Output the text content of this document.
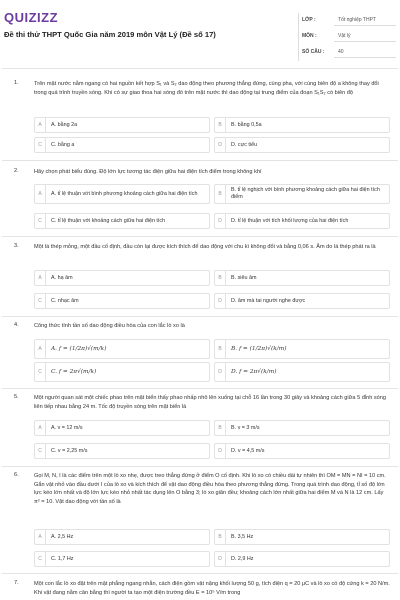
QUIZIZZ
Đề thi thử THPT Quốc Gia năm 2019 môn Vật Lý (Đề số 17)
LỚP :	Tốt nghiệp THPT
MÔN :	Vật lý
SỐ CÂU :	40
1.	Trên mặt nước nằm ngang có hai nguồn kết hợp S₁ và S₂ dao động theo phương thẳng đứng, cùng pha, với cùng biên độ a không thay đổi trong quá trình truyền sóng. Khi có sự giao thoa hai sóng đó trên mặt nước thì dao động tại trung điểm của đoạn S₁S₂ có biên độ
A	A. bằng 2a	B	B. bằng 0,5a
C	C. bằng a	D	D. cực tiểu
2.	Hãy chọn phát biểu đúng. Độ lớn lực tương tác điện giữa hai điện tích điểm trong không khí
A	A. tỉ lệ thuận với bình phương khoảng cách giữa hai điện tích	B
B. tỉ lệ nghịch với bình phương khoảng cách giữa hai điện tích điểm
C	C. tỉ lệ thuận với khoảng cách giữa hai điện tích	D	D. tỉ lệ thuận với tích khối lượng của hai điện tích
3.	Một lá thép mỏng, một đầu cố định, đầu còn lại được kích thích để dao động với chu kì không đổi và bằng 0,06 s. Âm do lá thép phát ra là
A	A. hạ âm	B	B. siêu âm
C	C. nhạc âm	D	D. âm mà tai người nghe được
4.	Công thức tính tần số dao động điều hòa của con lắc lò xo là
A	A. f = (1/2π)√(m/k)	B	B. f = (1/2π)√(k/m)
C	C. f = 2π√(m/k)	D	D. f = 2π√(k/m)
5.	Một người quan sát một chiếc phao trên mặt biển thấy phao nhấp nhô lên xuống tại chỗ 16 lần trong 30 giây và khoảng cách giữa 5 đỉnh sóng liên tiếp nhau bằng 24 m. Tốc độ truyền sóng trên mặt biển là
A	A. v = 12 m/s	B	B. v = 3 m/s
C	C. v = 2,25 m/s	D	D. v = 4,5 m/s
6.	Gọi M, N, I là các điểm trên một lò xo nhẹ, được treo thẳng đứng ở điểm O cố định. Khi lò xo có chiều dài tự nhiên thì OM = MN = NI = 10 cm. Gắn vật nhỏ vào đầu dưới I của lò xo và kích thích để vật dao động điều hòa theo phương thẳng đứng. Trong quá trình dao động, tỉ số độ lớn lực kéo lớn nhất và độ lớn lực kéo nhỏ nhất tác dụng lên O bằng 3; lò xo giãn đều; khoảng cách lớn nhất giữa hai điểm M và N là 12 cm. Lấy π² = 10. Vật dao động với tần số là
A	A. 2,5 Hz	B	B. 3,5 Hz
C	C. 1,7 Hz	D	D. 2,9 Hz
7.	Một con lắc lò xo đặt trên mặt phẳng ngang nhẵn, cách điện gồm vật nặng khối lượng 50 g, tích điện q = 20 μC và lò xo có độ cứng k = 20 N/m. Khi vật đang nằm cân bằng thì người ta tạo một điện trường đều E = 10⁵ V/m trong
